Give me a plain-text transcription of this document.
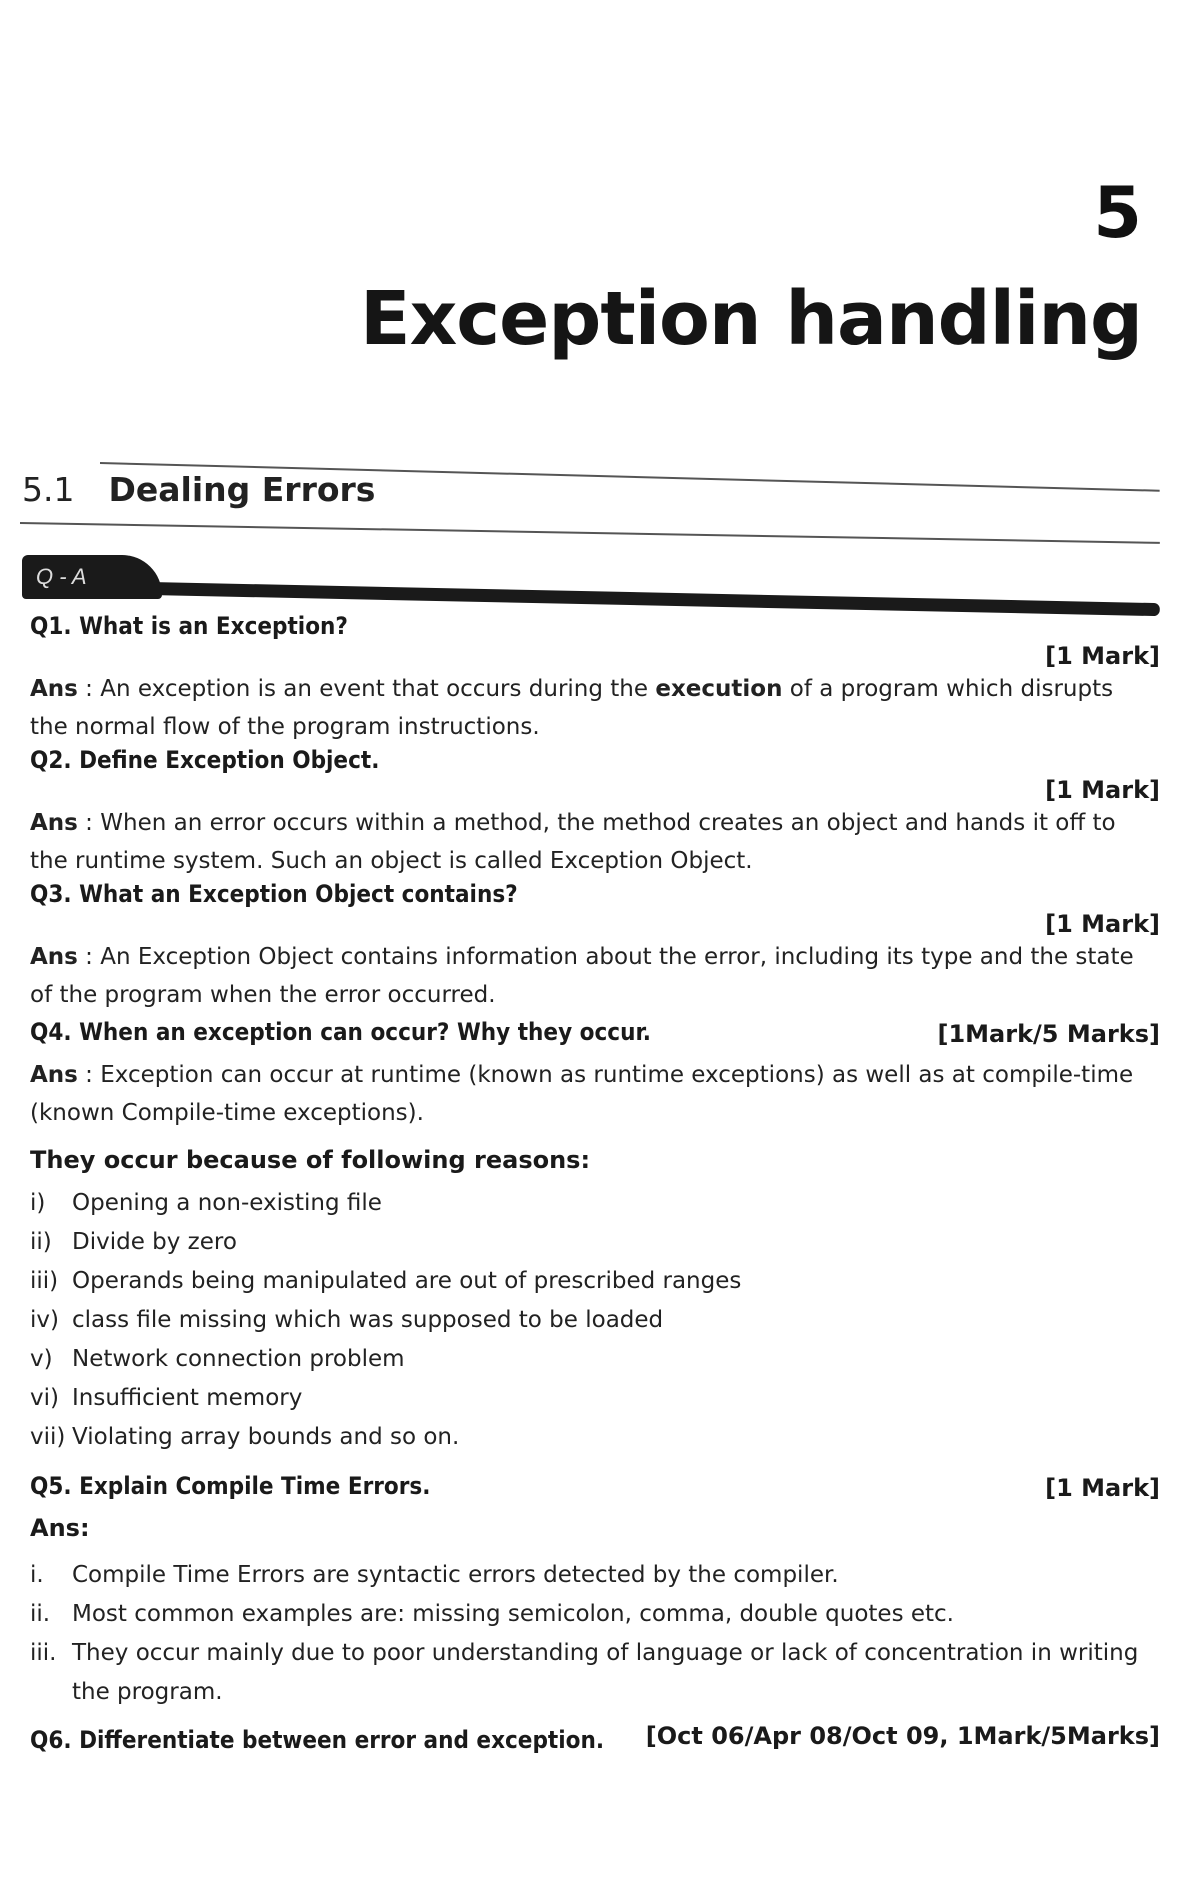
5
Exception handling
5.1 Dealing Errors
Q - A
Q1. What is an Exception?
[1 Mark]
Ans : An exception is an event that occurs during the execution of a program which disrupts the normal flow of the program instructions.
Q2. Define Exception Object.
[1 Mark]
Ans : When an error occurs within a method, the method creates an object and hands it off to the runtime system. Such an object is called Exception Object.
Q3. What an Exception Object contains?
[1 Mark]
Ans : An Exception Object contains information about the error, including its type and the state of the program when the error occurred.
Q4. When an exception can occur? Why they occur.	[1Mark/5 Marks]
Ans : Exception can occur at runtime (known as runtime exceptions) as well as at compile-time (known Compile-time exceptions).
They occur because of following reasons:
i)	Opening a non-existing file
ii) Divide by zero
iii) Operands being manipulated are out of prescribed ranges
iv) class file missing which was supposed to be loaded
v) Network connection problem
vi) Insufficient memory
vii) Violating array bounds and so on.
Q5. Explain Compile Time Errors.	[1 Mark]
Ans:
i.	Compile Time Errors are syntactic errors detected by the compiler.
ii. Most common examples are: missing semicolon, comma, double quotes etc.
iii. They occur mainly due to poor understanding of language or lack of concentration in writing the program.
Q6. Differentiate between error and exception.	[Oct 06/Apr 08/Oct 09, 1Mark/5Marks]
